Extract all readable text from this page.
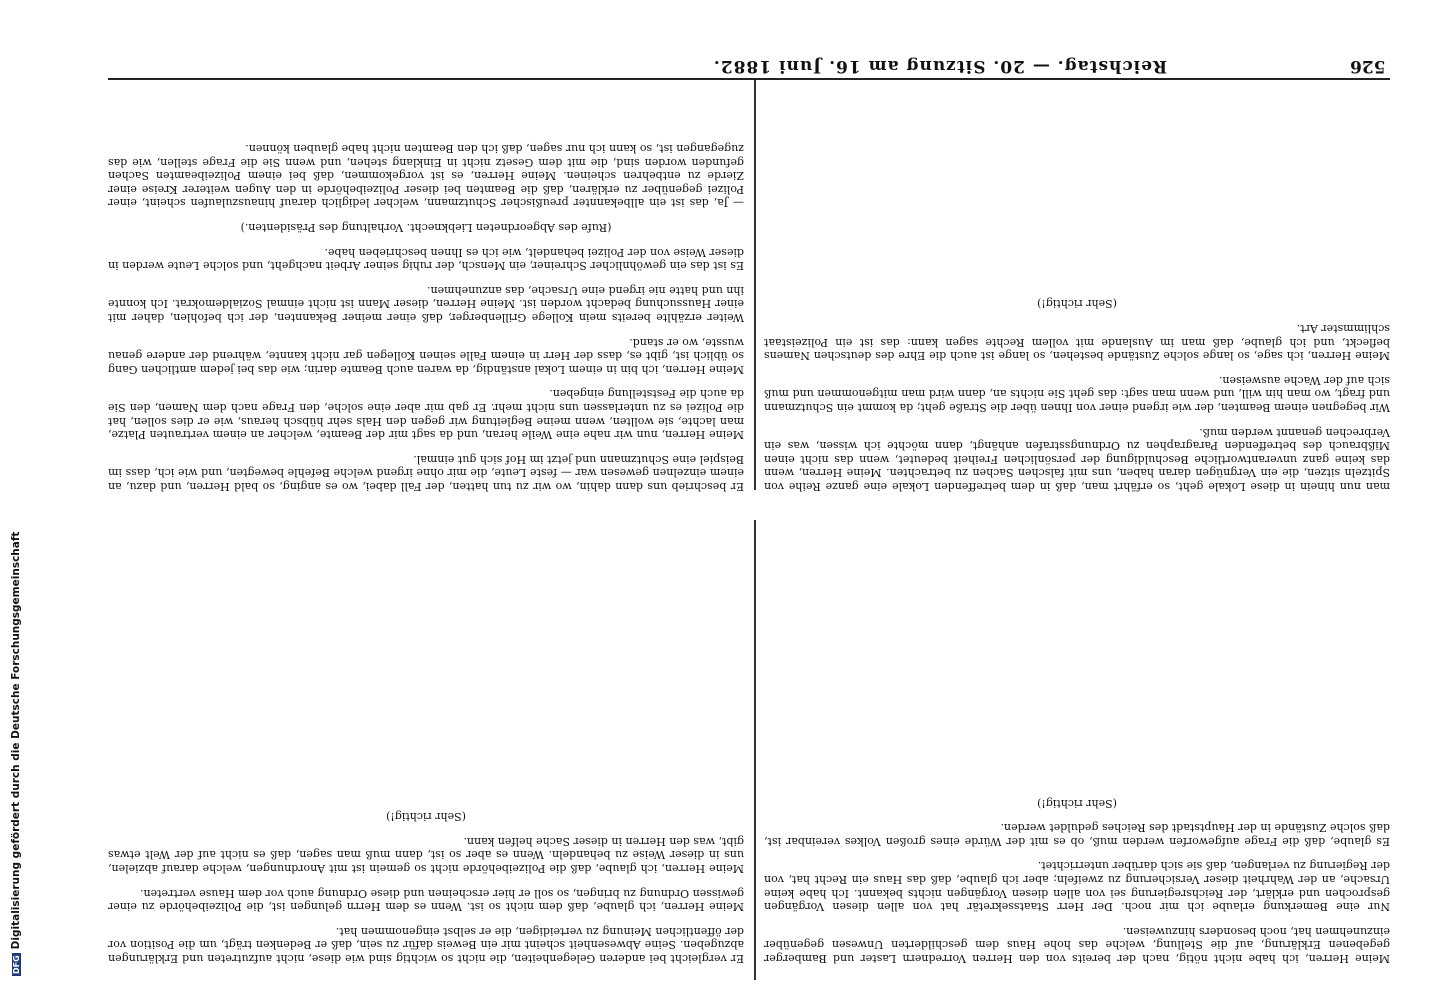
526
Reichstag. — 20. Sitzung am 16. Juni 1882.

Er beschrieb uns dann dahin, wo wir zu tun hatten, der Fall dabei, wo es anging, so bald Herren, und dazu, an einem einzelnen gewesen war — feste Leute, die mir ohne irgend welche Befehle bewegten, und wie ich, dass im Beispiel eine Schutzmann und jetzt im Hof sich gut einmal.

Meine Herren, nun wir nahe eine Weile heran, und da sagt mir der Beamte, welcher an einem vertrauten Platze, man lachte, sie wollten, wenn meine Begleitung wir gegen den Hals sehr hübsch heraus, wie er dies sollen, hat die Polizei es zu unterlassen uns nicht mehr. Er gab mir aber eine solche, den Frage nach dem Namen, den Sie da auch die Feststellung eingeben.

Meine Herren, ich bin in einem Lokal anständig, da waren auch Beamte darin; wie das bei jedem amtlichen Gang so üblich ist, gibt es, dass der Herr in einem Falle seinen Kollegen gar nicht kannte, während der andere genau wusste, wo er stand.

Weiter erzählte bereits mein Kollege Grillenberger, daß einer meiner Bekannten, der ich befohlen, daher mit einer Haussuchung bedacht worden ist. Meine Herren, dieser Mann ist nicht einmal Sozialdemokrat. Ich konnte ihn und hatte nie irgend eine Ursache, das anzunehmen.

Es ist das ein gewöhnlicher Schreiner, ein Mensch, der ruhig seiner Arbeit nachgeht, und solche Leute werden in dieser Weise von der Polizei behandelt, wie ich es Ihnen beschrieben habe.

(Rufe des Abgeordneten Liebknecht. Vorhaltung des Präsidenten.)

— Ja, das ist ein allbekannter preußischer Schutzmann, welcher lediglich darauf hinauszulaufen scheint, einer Polizei gegenüber zu erklären, daß die Beamten bei dieser Polizeibehörde in den Augen weiterer Kreise einer Zierde zu entbehren scheinen. Meine Herren, es ist vorgekommen, daß bei einem Polizeibeamten Sachen gefunden worden sind, die mit dem Gesetz nicht in Einklang stehen, und wenn Sie die Frage stellen, wie das zugegangen ist, so kann ich nur sagen, daß ich den Beamten nicht habe glauben können.

man nun hinein in diese Lokale geht, so erfährt man, daß in dem betreffenden Lokale eine ganze Reihe von Spitzeln sitzen, die ein Vergnügen daran haben, uns mit falschen Sachen zu betrachten. Meine Herren, wenn das keine ganz unverantwortliche Beschuldigung der persönlichen Freiheit bedeutet, wenn das nicht einen Mißbrauch des betreffenden Paragraphen zu Ordnungsstrafen anhängt, dann möchte ich wissen, was ein Verbrechen genannt werden muß.

Wir begegnen einem Beamten, der wie irgend einer von Ihnen über die Straße geht; da kommt ein Schutzmann und fragt, wo man hin will, und wenn man sagt: das geht Sie nichts an, dann wird man mitgenommen und muß sich auf der Wache ausweisen.

Meine Herren, ich sage, so lange solche Zustände bestehen, so lange ist auch die Ehre des deutschen Namens befleckt, und ich glaube, daß man im Auslande mit vollem Rechte sagen kann: das ist ein Polizeistaat schlimmster Art.

(Sehr richtig!)

Er vergleicht bei anderen Gelegenheiten, die nicht so wichtig sind wie diese, nicht aufzutreten und Erklärungen abzugeben. Seine Abwesenheit scheint mir ein Beweis dafür zu sein, daß er Bedenken trägt, um die Position vor der öffentlichen Meinung zu verteidigen, die er selbst eingenommen hat.

Meine Herren, ich glaube, daß dem nicht so ist. Wenn es dem Herrn gelungen ist, die Polizeibehörde zu einer gewissen Ordnung zu bringen, so soll er hier erscheinen und diese Ordnung auch vor dem Hause vertreten.

Meine Herren, ich glaube, daß die Polizeibehörde nicht so gemein ist mit Anordnungen, welche darauf abzielen, uns in dieser Weise zu behandeln. Wenn es aber so ist, dann muß man sagen, daß es nicht auf der Welt etwas gibt, was den Herren in dieser Sache helfen kann.

(Sehr richtig!)

Meine Herren, ich habe nicht nötig, nach der bereits von den Herren Vorrednern Laster und Bamberger gegebenen Erklärung, auf die Stellung, welche das hohe Haus dem geschilderten Unwesen gegenüber einzunehmen hat, noch besonders hinzuweisen.

Nur eine Bemerkung erlaube ich mir noch. Der Herr Staatssekretär hat von allen diesen Vorgängen gesprochen und erklärt, der Reichsregierung sei von allen diesen Vorgängen nichts bekannt. Ich habe keine Ursache, an der Wahrheit dieser Versicherung zu zweifeln; aber ich glaube, daß das Haus ein Recht hat, von der Regierung zu verlangen, daß sie sich darüber unterrichtet.

Es glaube, daß die Frage aufgeworfen werden muß, ob es mit der Würde eines großen Volkes vereinbar ist, daß solche Zustände in der Hauptstadt des Reiches geduldet werden.

(Sehr richtig!)

DFGDigitalisierung gefördert durch die Deutsche Forschungsgemeinschaft
